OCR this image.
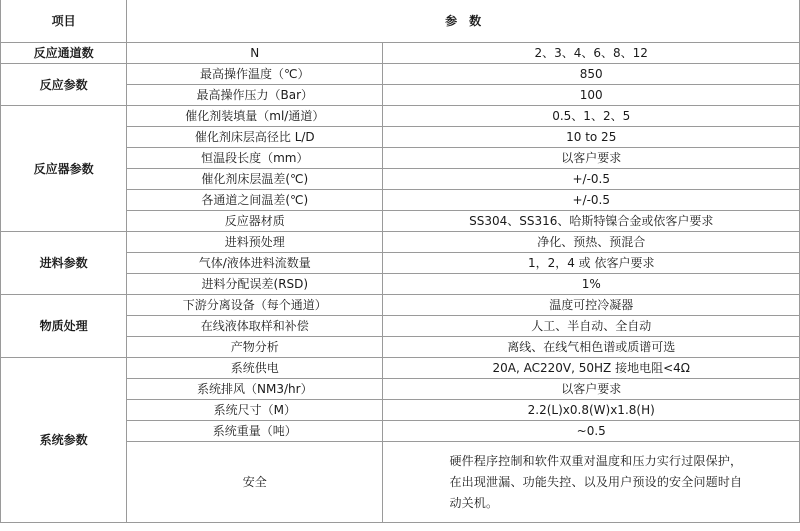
项目	参　数	
反应通道数	N	2、3、4、6、8、12
反应参数	最高操作温度（℃）	850
	最高操作压力（Bar）	100
反应器参数	催化剂装填量（ml/通道）	0.5、1、2、5
	催化剂床层高径比 L/D	10 to 25
	恒温段长度（mm）	以客户要求
	催化剂床层温差(℃)	+/-0.5
	各通道之间温差(℃)	+/-0.5
	反应器材质	SS304、SS316、哈斯特镍合金或依客户要求
进料参数	进料预处理	净化、预热、预混合
	气体/液体进料流数量	1，2，4 或 依客户要求
	进料分配误差(RSD)	1%
物质处理	下游分离设备（每个通道）	温度可控冷凝器
	在线液体取样和补偿	人工、半自动、全自动
	产物分析	离线、在线气相色谱或质谱可选
系统参数	系统供电	20A, AC220V, 50HZ 接地电阻<4Ω
	系统排风（NM3/hr）	以客户要求
	系统尺寸（M）	2.2(L)x0.8(W)x1.8(H)
	系统重量（吨）	~0.5
	安全	硬件程序控制和软件双重对温度和压力实行过限保护，在出现泄漏、功能失控、以及用户预设的安全问题时自动关机。
